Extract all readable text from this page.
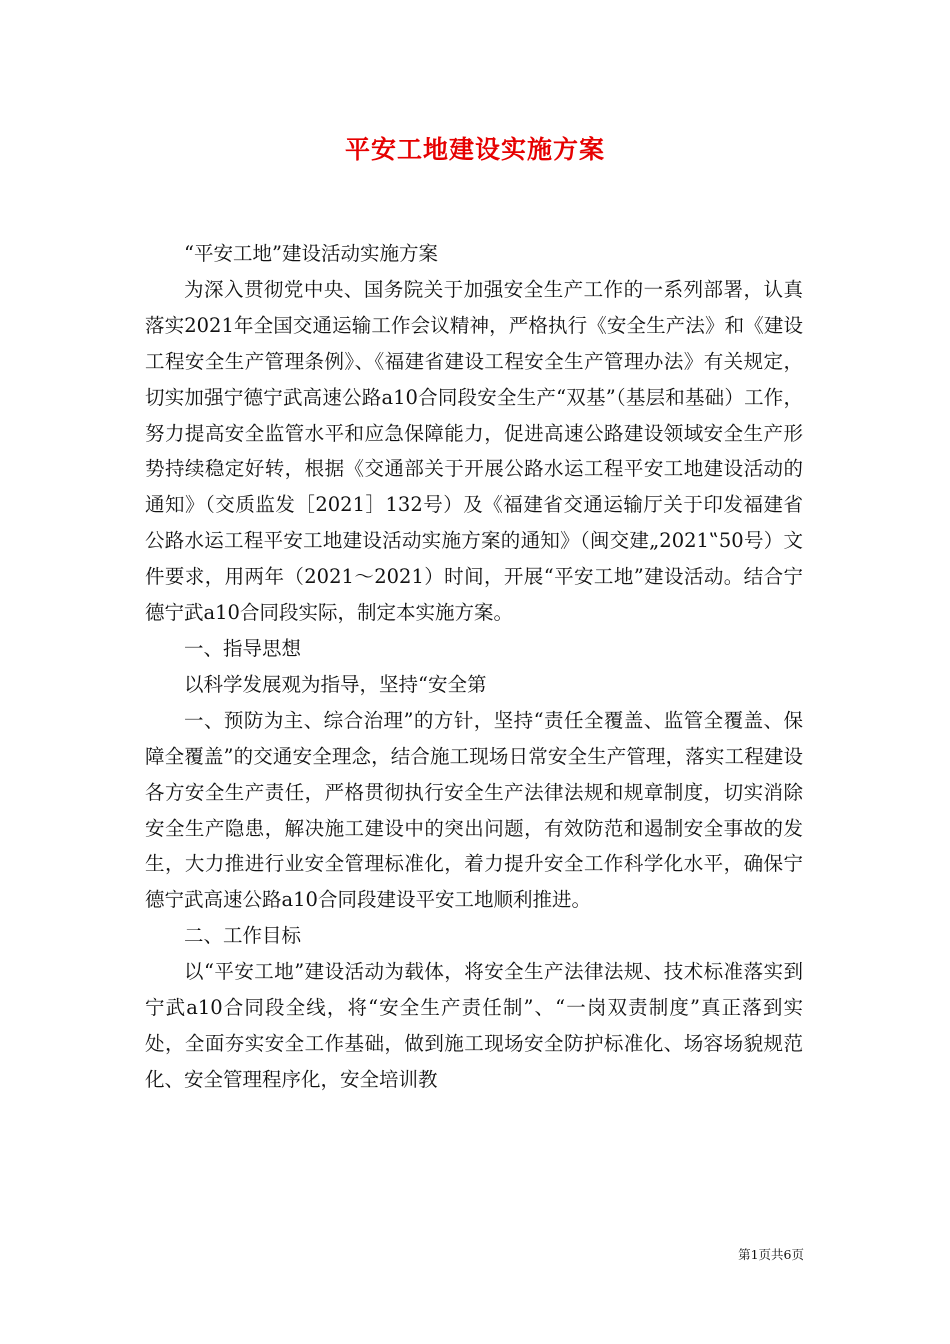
平安工地建设实施方案

“平安工地”建设活动实施方案

为深入贯彻党中央、国务院关于加强安全生产工作的一系列部署，认真落实2021年全国交通运输工作会议精神，严格执行《安全生产法》和《建设工程安全生产管理条例》、《福建省建设工程安全生产管理办法》有关规定，切实加强宁德宁武高速公路a10合同段安全生产“双基”（基层和基础）工作，努力提高安全监管水平和应急保障能力，促进高速公路建设领域安全生产形势持续稳定好转，根据《交通部关于开展公路水运工程平安工地建设活动的通知》（交质监发［2021］132号）及《福建省交通运输厅关于印发福建省公路水运工程平安工地建设活动实施方案的通知》（闽交建„2021‟50号）文件要求，用两年（2021～2021）时间，开展“平安工地”建设活动。结合宁德宁武a10合同段实际，制定本实施方案。

一、指导思想

以科学发展观为指导，坚持“安全第

一、预防为主、综合治理”的方针，坚持“责任全覆盖、监管全覆盖、保障全覆盖”的交通安全理念，结合施工现场日常安全生产管理，落实工程建设各方安全生产责任，严格贯彻执行安全生产法律法规和规章制度，切实消除安全生产隐患，解决施工建设中的突出问题，有效防范和遏制安全事故的发生，大力推进行业安全管理标准化，着力提升安全工作科学化水平，确保宁德宁武高速公路a10合同段建设平安工地顺利推进。

二、工作目标

以“平安工地”建设活动为载体，将安全生产法律法规、技术标准落实到宁武a10合同段全线，将“安全生产责任制”、“一岗双责制度”真正落到实处，全面夯实安全工作基础，做到施工现场安全防护标准化、场容场貌规范化、安全管理程序化，安全培训教

第1页共6页
